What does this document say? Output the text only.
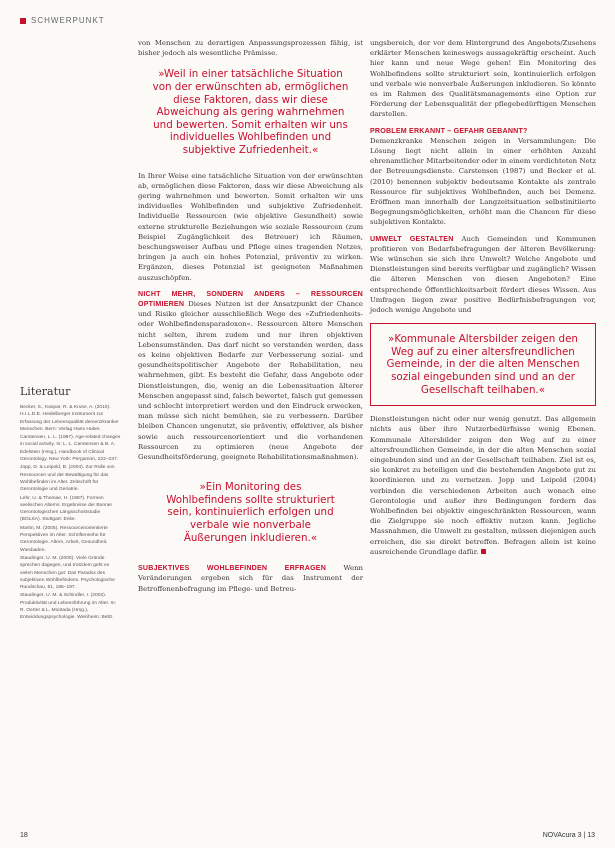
SCHWERPUNKT

von Menschen zu derartigen Anpassungsprozessen fähig, ist bisher jedoch als wesentliche Prämisse.

»Weil in einer tatsächliche Situation von der erwünschten ab, ermöglichen diese Faktoren, dass wir diese Abweichung als gering wahrnehmen und bewerten. Somit erhalten wir uns individuelles Wohlbefinden und subjektive Zufriedenheit.«

In Ihrer Weise eine tatsächliche Situation von der erwünschten ab, ermöglichen diese Faktoren, dass wir diese Abweichung als gering wahrnehmen und bewerten. Somit erhalten wir uns individuelles Wohlbefinden und subjektive Zufriedenheit. Individuelle Ressourcen (wie objektive Gesundheit) sowie externe strukturelle Beziehungen wie soziale Ressourcen (zum Beispiel Zugänglichkeit des Betreuer) ich Räumen, beschungsweiser Aufbau und Pflege eines tragenden Netzes, bringen ja auch ein hohes Potenzial, präventiv zu wirken. Ergänzen, dieses Potenzial ist geeigneten Maßnahmen auszuschöpfen.

NICHT MEHR, SONDERN ANDERS – RESSOURCEN OPTIMIEREN Dieses Nutzen ist der Ansatzpunkt der Chance und Risiko gleicher ausschließlich Wege des »Zufriedenheits- oder Wohlbefindensparadoxon«. Ressourcen ältere Menschen nicht selten, ihrem zudem und nur ihren objektiven Lebensumständen. Das darf nicht so verstanden werden, dass es keine objektiven Bedarfe zur Verbesserung sozial- und gesundheitspolitischer Angebote der Rehabilitation, neu wahrnehmen, gibt. Es besteht die Gefahr, dass Angebote oder Dienstleistungen, die, wenig an die Lebenssituation älterer Menschen angepasst sind, falsch bewertet, falsch gut gemessen und schlecht interpretiert werden und den Eindruck erwecken, man müsse sich nicht bemühen, sie zu verbessern. Darüber bleiben Chancen ungenutzt, sie präventiv, effektiver, als bisher sowie auch ressourcenorientiert und die vorhandenen Ressourcen zu optimieren (neue Angebote der Gesundheitsförderung, geeignete Rehabilitationsmaßnahmen).

»Ein Monitoring des Wohlbefindens sollte strukturiert sein, kontinuierlich erfolgen und verbale wie nonverbale Äußerungen inkludieren.«

SUBJEKTIVES WOHLBEFINDEN ERFRAGEN	Wenn Veränderungen ergeben sich für das Instrument der Betroffenenbefragung im Pflege- und Betreu-

ungsbereich, der vor dem Hintergrund des Angebots/Zusehens erklärter Menschen keineswegs aussagekräftig erscheint. Auch hier kann und neue Wege gehen! Ein Monitoring des Wohlbefindens sollte strukturiert sein, kontinuierlich erfolgen und verbale wie nonverbale Äußerungen inkludieren. So könnte es im Rahmen des Qualitätsmanagements eine Option zur Förderung der Lebensqualität der pflegebedürftigen Menschen darstellen.

PROBLEM ERKANNT – GEFAHR GEBANNT?

Demenzkranke Menschen zeigen in Versammlungen: Die Lösung liegt nicht allein in einer erhöhten Anzahl ehrenamtlicher Mitarbeitender oder in einem verdichteten Netz der Betreuungsdienste. Carstensen (1987) und Becker et al. (2010) benennen subjektiv bedeutsame Kontakte als zentrale Ressource für subjektives Wohlbefinden, auch bei Demenz. Eröffnen man innerhalb der Langzeitsituation selbstinitiierte Begegnungsmöglichkeiten, erhöht man die Chancen für diese subjektiven Kontakte.

UMWELT GESTALTEN Auch Gemeinden und Kommunen profitieren von Bedarfsbefragungen der älteren Bevölkerung: Wie wünschen sie sich ihre Umwelt? Welche Angebote und Dienstleistungen sind bereits verfügbar und zugänglich? Wissen die älteren Menschen von diesen Angeboten? Eine entsprechende Öffentlichkeitsarbeit fördert dieses Wissen. Aus Umfragen liegen zwar positive Bedürfnisbefragungen vor, jedoch wenige Angebote und

»Kommunale Altersbilder zeigen den Weg auf zu einer altersfreundlichen Gemeinde, in der die alten Menschen sozial eingebunden sind und an der Gesellschaft teilhaben.«

Dienstleistungen nicht oder nur wenig genutzt. Das allgemein nichts aus über ihre Nutzerbedürfnisse wenig Ebenen. Kommunale Altersbilder zeigen den Weg auf zu einer altersfreundlichen Gemeinde, in der die alten Menschen sozial eingebunden sind und an der Gesellschaft teilhaben. Ziel ist es, sie konkret zu beteiligen und die bestehenden Angebote gut zu koordinieren und zu vernetzen. Jopp und Leipold (2004) verbinden die verschiedenen Arbeiten auch wonach eine Gerontologie und außer ihre Bedingungen fordern das Wohlbefinden bei objektiv eingeschränkten Ressourcen, wann die Zielgruppe sie noch effektiv nutzen kann. Jegliche Massnahmen, die Umwelt zu gestalten, müssen diejenigen auch erreichen, die sie direkt betreffen. Befragen allein ist keine ausreichende Grundlage dafür.

Literatur

Becker, S., Kaspar, R. & Kruse, A. (2010). H.I.L.D.E. Heidelberger Instrument zur Erfassung der Lebensqualität demenzkranker Menschen. Bern: Verlag Hans Huber.

Carstensen, L. L. (1987). Age-related changes in social activity. In: L. L. Carstensen & B. A. Edelstein (Hrsg.), Handbook of Clinical Gerontology. New York: Pergamon, 222–237.

Jopp, D. & Leipold, B. (2004). Zur Rolle von Ressourcen und der Bewältigung für das Wohlbefinden im Alter. Zeitschrift für Gerontologie und Geriatrie.

Lehr, U. & Thomae, H. (1987). Formen seelischen Alterns. Ergebnisse der Bonner Gerontologischen Längsschnittstudie (BOLSA). Stuttgart: Enke.

Martin, M. (2005). Ressourcenorientierte Perspektiven im Alter. Schriftenreihe für Gerontologie. Altern, Arbeit, Gesundheit. Wiesbaden.

Staudinger, U. M. (2000). Viele Gründe sprechen dagegen, und trotzdem geht es vielen Menschen gut: Das Paradox des subjektiven Wohlbefindens. Psychologische Rundschau, 51, 185–197.

Staudinger, U. M. & Schindler, I. (2002). Produktivität und Lebensführung im Alter. In: R. Oerter & L. Montada (Hrsg.), Entwicklungspsychologie. Weinheim: Beltz.

18	NOVAcura 3 | 13
